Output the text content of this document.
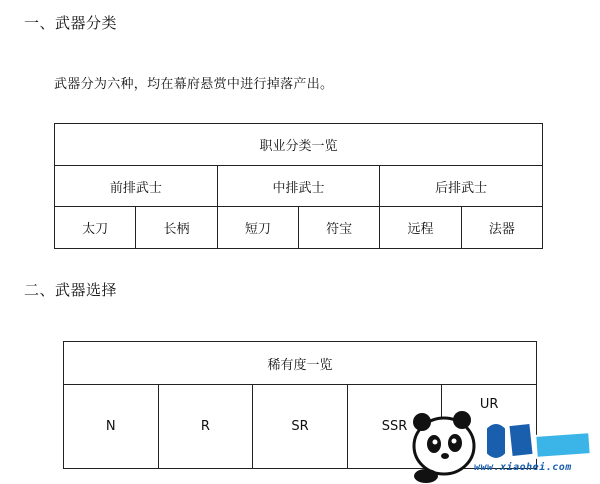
一、武器分类
武器分为六种，均在幕府悬赏中进行掉落产出。
职业分类一览					
前排武士		中排武士		后排武士	
太刀	长柄	短刀	符宝	远程	法器
二、武器选择
稀有度一览
N	R	SR	SSR	UR
www.xiaohei.com
